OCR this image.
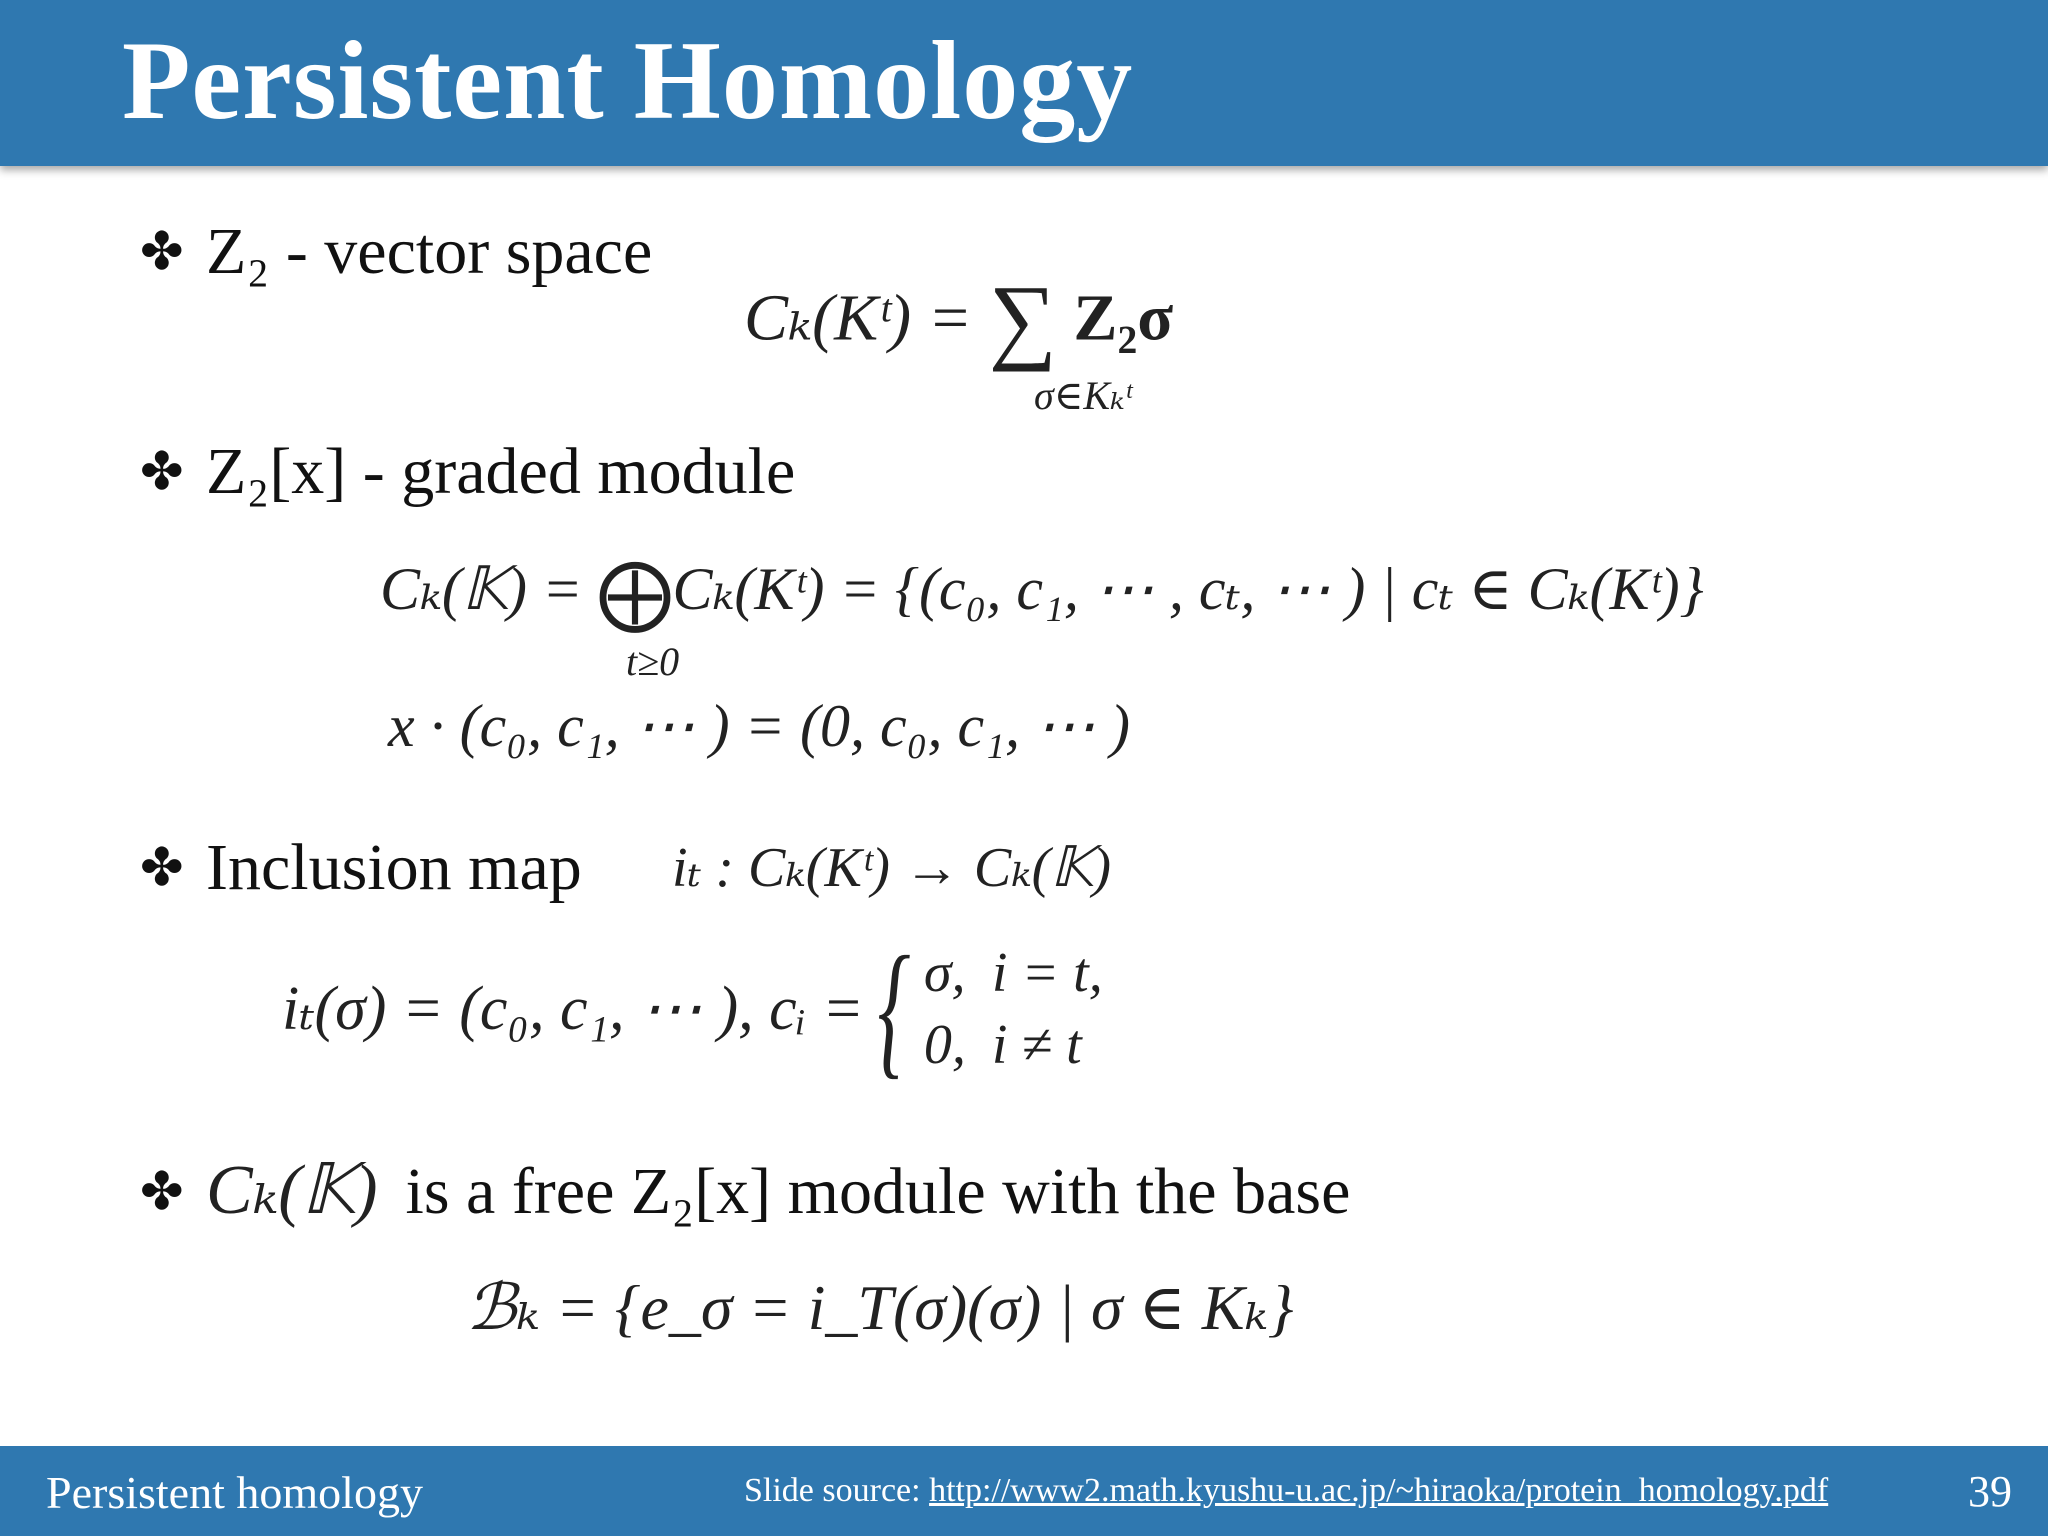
Persistent Homology
✤ Z₂ - vector space
Cₖ(Kᵗ) = ∑ Z₂σ
σ∈Kₖᵗ
✤ Z₂[x] - graded module
Cₖ(𝕂) = ⨁Cₖ(Kᵗ) = {(c₀, c₁, ⋯ , cₜ, ⋯ ) | cₜ ∈ Cₖ(Kᵗ)}
t≥0
x · (c₀, c₁, ⋯ ) = (0, c₀, c₁, ⋯ )
✤ Inclusion map iₜ : Cₖ(Kᵗ) → Cₖ(𝕂)
iₜ(σ) = (c₀, c₁, ⋯ ), cᵢ ={ σ,	i = t,
0,	i ≠ t
✤ Cₖ(𝕂) is a free Z₂[x] module with the base
ℬₖ = {e_σ = i_T(σ)(σ) | σ ∈ Kₖ}
Persistent homology	Slide source: http://www2.math.kyushu-u.ac.jp/~hiraoka/protein_homology.pdf	39
